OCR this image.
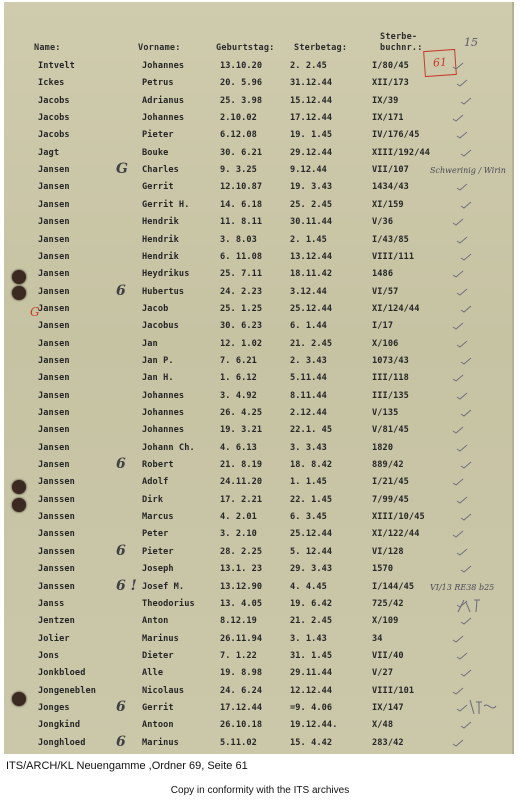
Name:	Vorname:	Geburtstag: Sterbetag:
Sterbe-
buchnr.:	15
61
G
Intvelt	Johannes	13.10.20	2. 2.45	I/80/45
Ickes	Petrus	20. 5.96	31.12.44	XII/173
Jacobs	Adrianus	25. 3.98	15.12.44	IX/39
Jacobs	Johannes	2.10.02	17.12.44	IX/171
Jacobs	Pieter	6.12.08	19. 1.45	IV/176/45
Jagt	Bouke	30. 6.21	29.12.44	XIII/192/44
Jansen	Charles	9. 3.25	9.12.44	VII/107
G	Schwerinig / Wirin
Jansen	Gerrit	12.10.87	19. 3.43	1434/43
Jansen	Gerrit H.	14. 6.18	25. 2.45	XI/159
Jansen	Hendrik	11. 8.11	30.11.44	V/36
Jansen	Hendrik	3. 8.03	2. 1.45	I/43/85
Jansen	Hendrik	6. 11.08	13.12.44	VIII/111
Jansen	Heydrikus	25. 7.11	18.11.42	1486
Jansen	Hubertus	24. 2.23	3.12.44	VI/57
6
Jansen	Jacob	25. 1.25	25.12.44	XI/124/44
Jansen	Jacobus	30. 6.23	6. 1.44	I/17
Jansen	Jan	12. 1.02	21. 2.45	X/106
Jansen	Jan P.	7. 6.21	2. 3.43	1073/43
Jansen	Jan H.	1. 6.12	5.11.44	III/118
Jansen	Johannes	3. 4.92	8.11.44	III/135
Jansen	Johannes	26. 4.25	2.12.44	V/135
Jansen	Johannes	19. 3.21	22.1. 45	V/81/45
Jansen	Johann Ch.	4. 6.13	3. 3.43	1820
Jansen	Robert	21. 8.19	18. 8.42	889/42
6
Janssen	Adolf	24.11.20	1. 1.45	I/21/45
Janssen	Dirk	17. 2.21	22. 1.45	7/99/45
Janssen	Marcus	4. 2.01	6. 3.45	XIII/10/45
Janssen	Peter	3. 2.10	25.12.44	XI/122/44
Janssen	Pieter	28. 2.25	5. 12.44	VI/128
6
Janssen	Joseph	13.1. 23	29. 3.43	1570
Janssen	Josef M.	13.12.90	4. 4.45	I/144/45
6 !	VI/13 RE38 b25
Janss	Theodorius	13. 4.05	19. 6.42	725/42
Jentzen	Anton	8.12.19	21. 2.45	X/109
Jolier	Marinus	26.11.94	3. 1.43	34
Jons	Dieter	7. 1.22	31. 1.45	VII/40
Jonkbloed	Alle	19. 8.98	29.11.44	V/27
Jongeneblen	Nicolaus	24. 6.24	12.12.44	VIII/101
Jonges	Gerrit	17.12.44	=9. 4.06	IX/147
6
Jongkind	Antoon	26.10.18	19.12.44.	X/48
Jonghloed	Marinus	5.11.02	15. 4.42	283/42
6
ITS/ARCH/KL Neuengamme ,Ordner 69, Seite 61
Copy in conformity with the ITS archives
